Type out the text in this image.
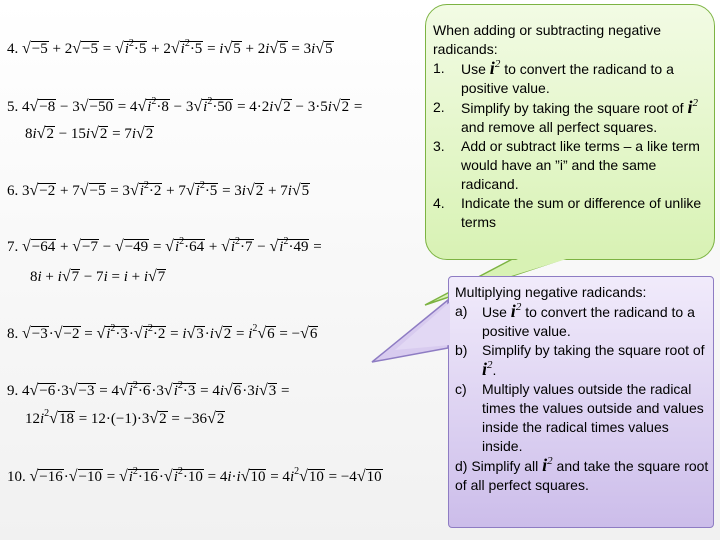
4. $√-5 + 2√-5 = √i^2\cdot 5 + 2√i^2\cdot 5 = i√5 + 2i√5 = 3i√5$
5. $4√-8 - 3√-50 = 4√i^2\cdot 8 - 3√i^2\cdot 50 = 4\cdot 2i√2 - 3\cdot 5i√2$ =
8i√2 − 15i√2 = 7i√2
6. $3√-2 + 7√-5 = 3√i^2\cdot 2 + 7√i^2\cdot 5 = 3i√2 + 7i√5$
7. $√-64 + √-7 - √-49 = √i^2\cdot 64 + √i^2\cdot 7 - √i^2\cdot 49$ =
8i + i√7 − 7i = i + i√7
8. $√-3\cdot√-2 = √i^2\cdot 3\cdot√i^2\cdot 2 = i√3\cdot i√2 = i^2√6 = -√6$
9. $4√-6\cdot 3√-3 = 4√i^2\cdot 6\cdot 3√i^2\cdot 3 = 4i√6\cdot 3i√3$ =
$12i^2√18 = 12\cdot(-1)\cdot 3√2 = -36√2$
10. $√-16\cdot√-10 = √i^2\cdot 16\cdot√i^2\cdot 10 = 4i\cdot i√10 = 4i^2√10 = -4√10$
When adding or subtracting negative radicands:
1. Use $i^2$ to convert the radicand to a positive value.
2. Simplify by taking the square root of $i^2$ and remove all perfect squares.
3. Add or subtract like terms – a like term would have an ”i” and the same radicand.
4. Indicate the sum or difference of unlike terms
Multiplying negative radicands:
a) Use $i^2$ to convert the radicand to a positive value.
b) Simplify by taking the square root of $i^2$.
c) Multiply values outside the radical times the values outside and values inside the radical times values inside.
d) Simplify all $i^2$ and take the square root of all perfect squares.
